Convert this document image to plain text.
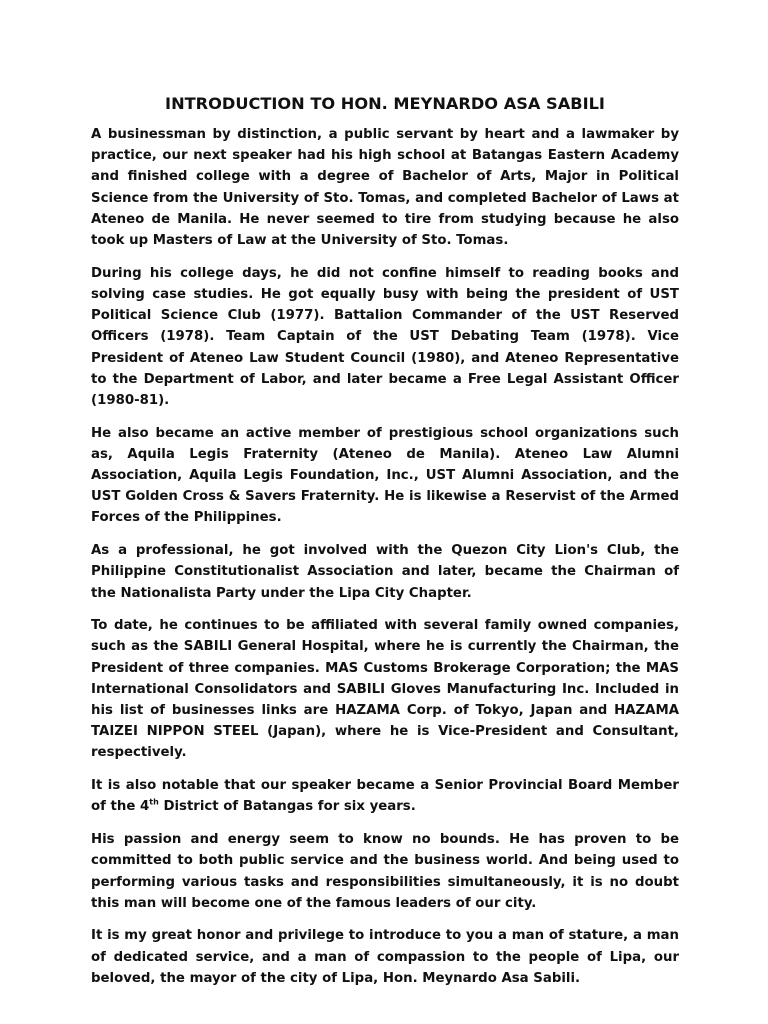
INTRODUCTION TO HON. MEYNARDO ASA SABILI

A businessman by distinction, a public servant by heart and a lawmaker by practice, our next speaker had his high school at Batangas Eastern Academy and finished college with a degree of Bachelor of Arts, Major in Political Science from the University of Sto. Tomas, and completed Bachelor of Laws at Ateneo de Manila. He never seemed to tire from studying because he also took up Masters of Law at the University of Sto. Tomas.

During his college days, he did not confine himself to reading books and solving case studies. He got equally busy with being the president of UST Political Science Club (1977). Battalion Commander of the UST Reserved Officers (1978). Team Captain of the UST Debating Team (1978). Vice President of Ateneo Law Student Council (1980), and Ateneo Representative to the Department of Labor, and later became a Free Legal Assistant Officer (1980-81).

He also became an active member of prestigious school organizations such as, Aquila Legis Fraternity (Ateneo de Manila). Ateneo Law Alumni Association, Aquila Legis Foundation, Inc., UST Alumni Association, and the UST Golden Cross & Savers Fraternity. He is likewise a Reservist of the Armed Forces of the Philippines.

As a professional, he got involved with the Quezon City Lion's Club, the Philippine Constitutionalist Association and later, became the Chairman of the Nationalista Party under the Lipa City Chapter.

To date, he continues to be affiliated with several family owned companies, such as the SABILI General Hospital, where he is currently the Chairman, the President of three companies. MAS Customs Brokerage Corporation; the MAS International Consolidators and SABILI Gloves Manufacturing Inc. Included in his list of businesses links are HAZAMA Corp. of Tokyo, Japan and HAZAMA TAIZEI NIPPON STEEL (Japan), where he is Vice-President and Consultant, respectively.

It is also notable that our speaker became a Senior Provincial Board Member of the 4th District of Batangas for six years.

His passion and energy seem to know no bounds. He has proven to be committed to both public service and the business world. And being used to performing various tasks and responsibilities simultaneously, it is no doubt this man will become one of the famous leaders of our city.

It is my great honor and privilege to introduce to you a man of stature, a man of dedicated service, and a man of compassion to the people of Lipa, our beloved, the mayor of the city of Lipa, Hon. Meynardo Asa Sabili.
